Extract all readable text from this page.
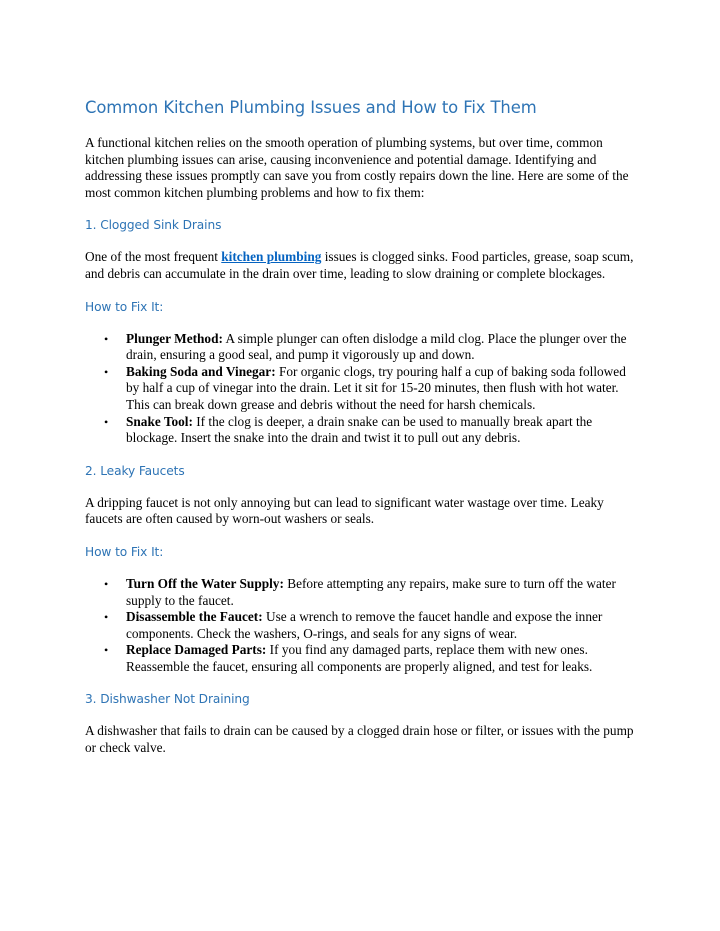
Common Kitchen Plumbing Issues and How to Fix Them

A functional kitchen relies on the smooth operation of plumbing systems, but over time, common kitchen plumbing issues can arise, causing inconvenience and potential damage. Identifying and addressing these issues promptly can save you from costly repairs down the line. Here are some of the most common kitchen plumbing problems and how to fix them:

1. Clogged Sink Drains

One of the most frequent kitchen plumbing issues is clogged sinks. Food particles, grease, soap scum, and debris can accumulate in the drain over time, leading to slow draining or complete blockages.

How to Fix It:
• Plunger Method: A simple plunger can often dislodge a mild clog. Place the plunger over the drain, ensuring a good seal, and pump it vigorously up and down.
• Baking Soda and Vinegar: For organic clogs, try pouring half a cup of baking soda followed by half a cup of vinegar into the drain. Let it sit for 15-20 minutes, then flush with hot water. This can break down grease and debris without the need for harsh chemicals.
• Snake Tool: If the clog is deeper, a drain snake can be used to manually break apart the blockage. Insert the snake into the drain and twist it to pull out any debris.
2. Leaky Faucets

A dripping faucet is not only annoying but can lead to significant water wastage over time. Leaky faucets are often caused by worn-out washers or seals.

How to Fix It:
• Turn Off the Water Supply: Before attempting any repairs, make sure to turn off the water supply to the faucet.
• Disassemble the Faucet: Use a wrench to remove the faucet handle and expose the inner components. Check the washers, O-rings, and seals for any signs of wear.
• Replace Damaged Parts: If you find any damaged parts, replace them with new ones. Reassemble the faucet, ensuring all components are properly aligned, and test for leaks.
3. Dishwasher Not Draining

A dishwasher that fails to drain can be caused by a clogged drain hose or filter, or issues with the pump or check valve.
